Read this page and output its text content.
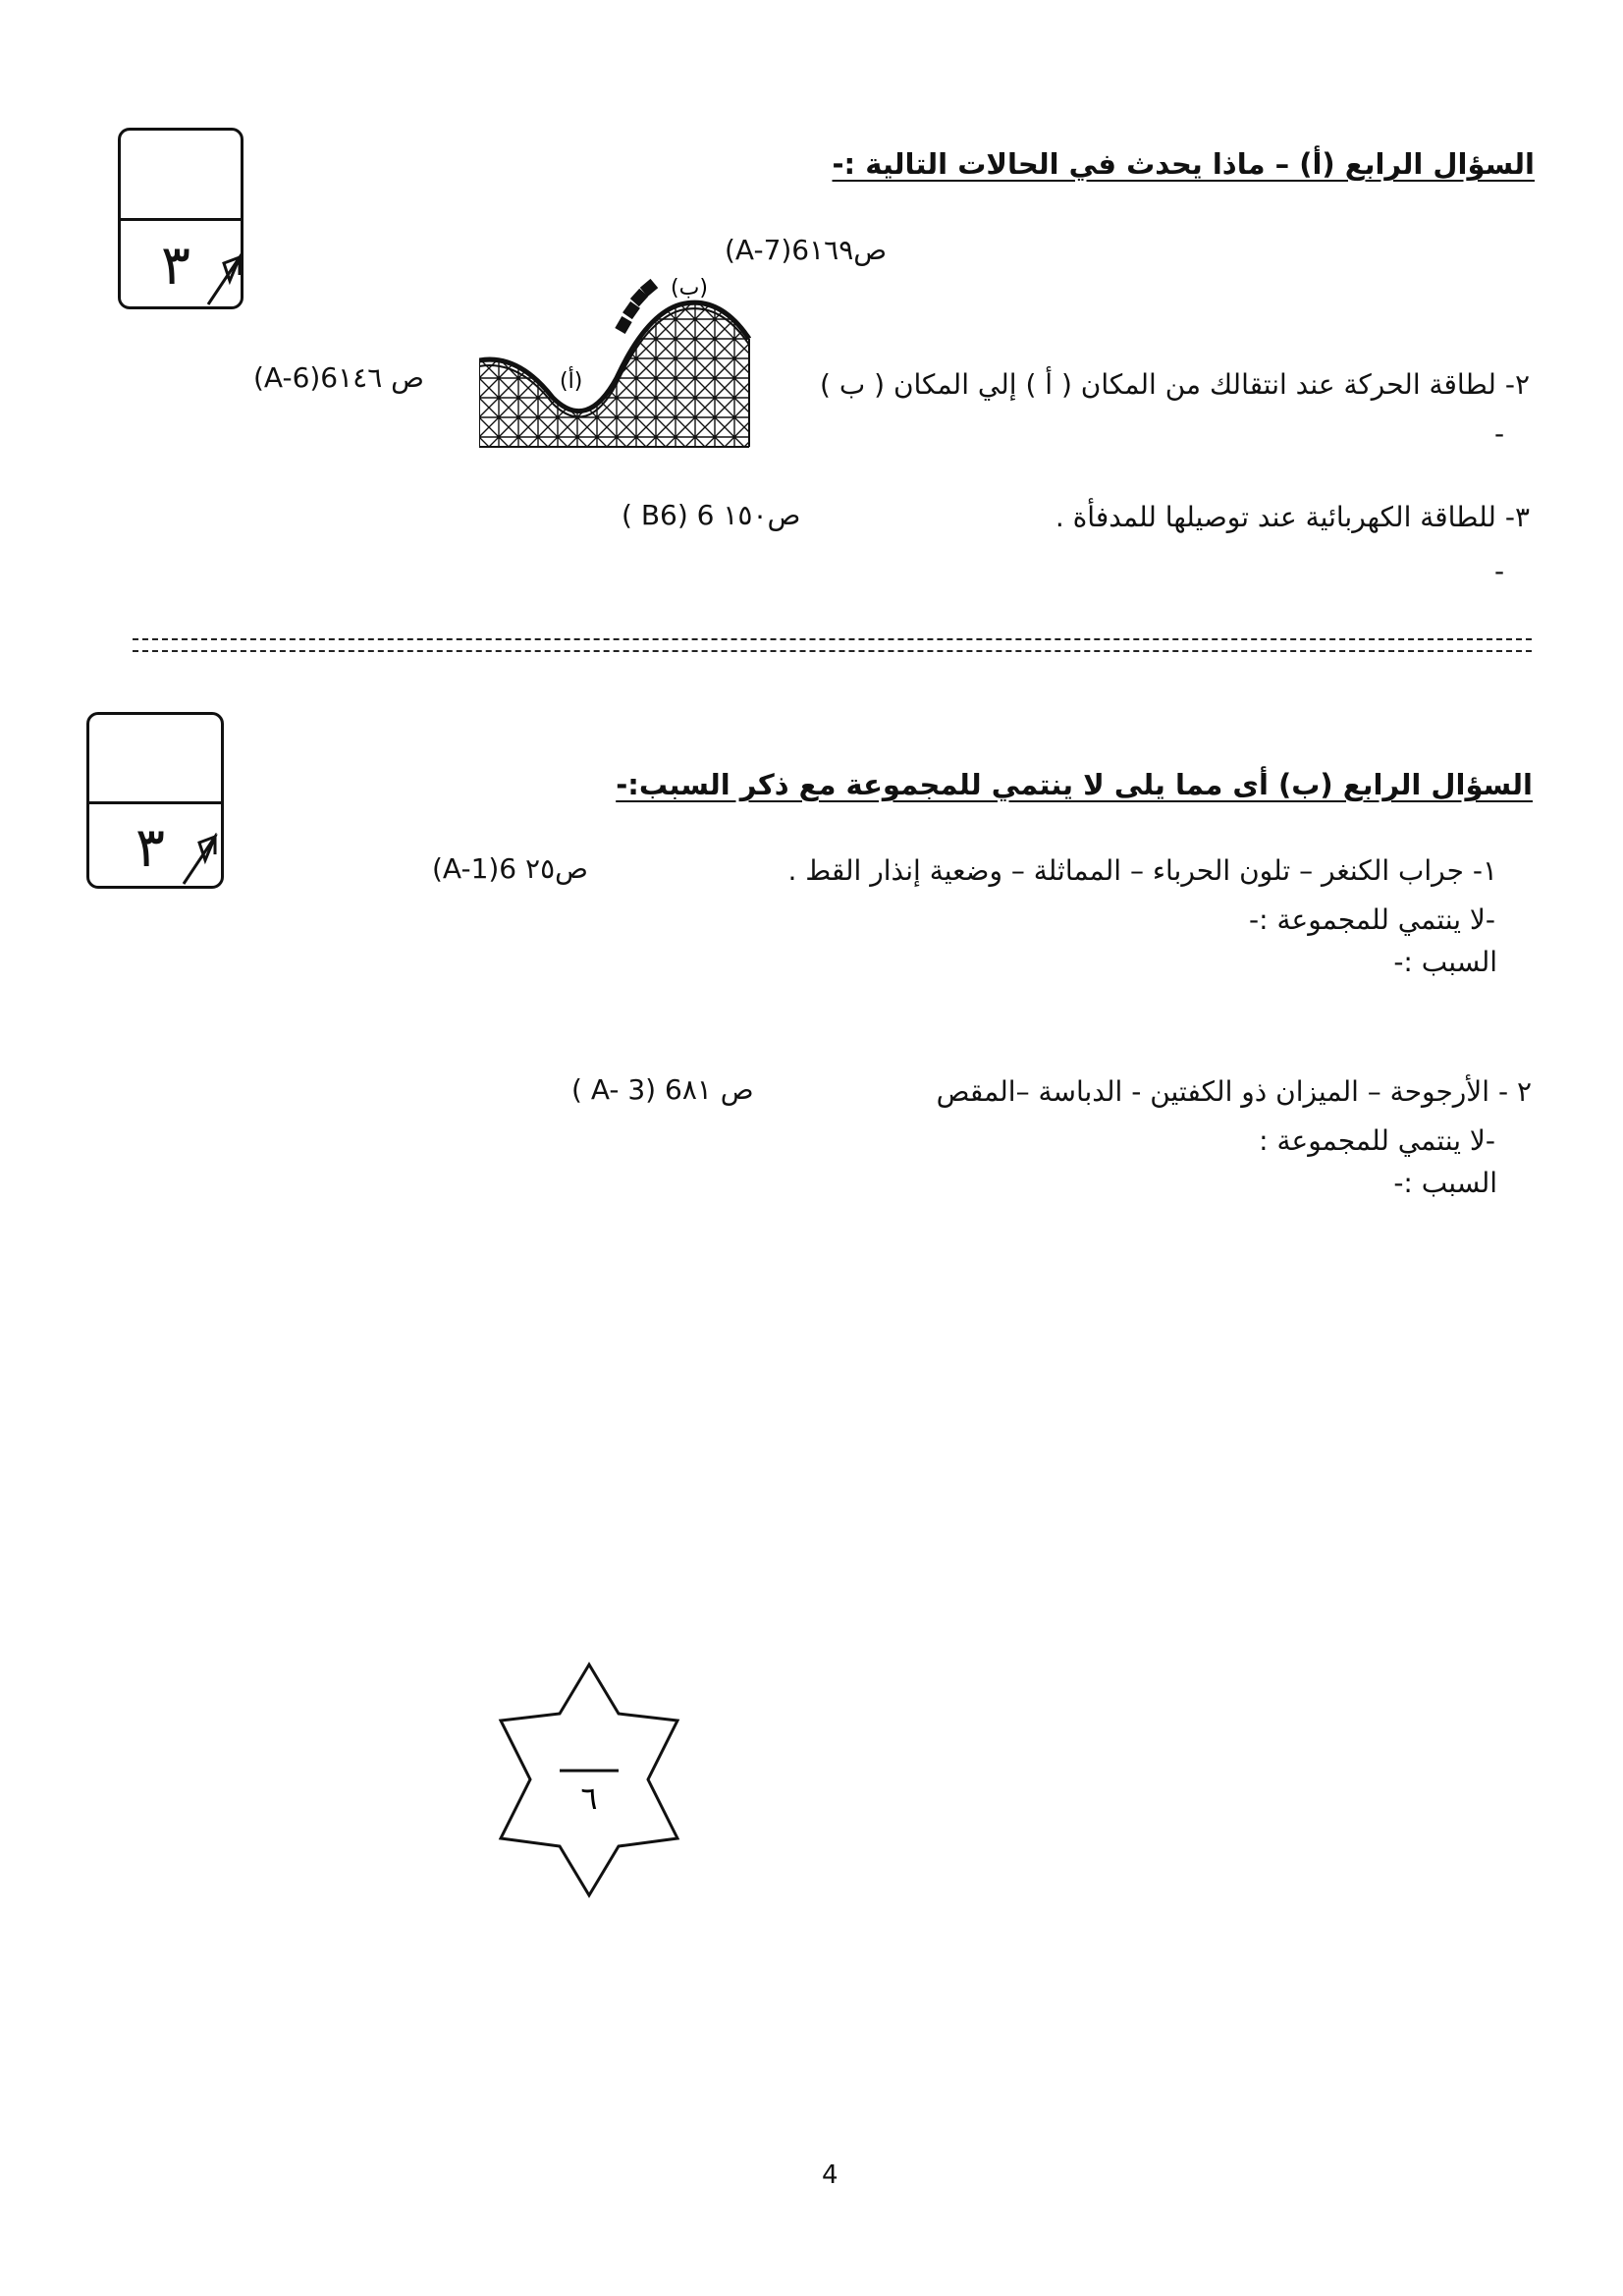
٣
السؤال الرابع (أ) – ماذا يحدث في الحالات التالية :-
(A-7)6ص١٦٩
٢- لطاقة الحركة عند انتقالك من المكان ( أ ) إلي المكان ( ب )
(A-6)6ص ١٤٦
-
(أ)
(ب)
٣- للطاقة الكهربائية عند توصيلها للمدفأة .
( B6) 6 ص١٥٠
-
٣
السؤال الرابع (ب) أى مما يلى لا ينتمي للمجموعة مع ذكر السبب:-
١- جراب الكنغر – تلون الحرباء – المماثلة – وضعية إنذار القط .
(A-1)6 ص٢٥
-لا ينتمي للمجموعة :-
السبب :-
٢ - الأرجوحة – الميزان ذو الكفتين - الدباسة –المقص
( A- 3) 6ص ٨١
-لا ينتمي للمجموعة :
السبب :-
٦
4
